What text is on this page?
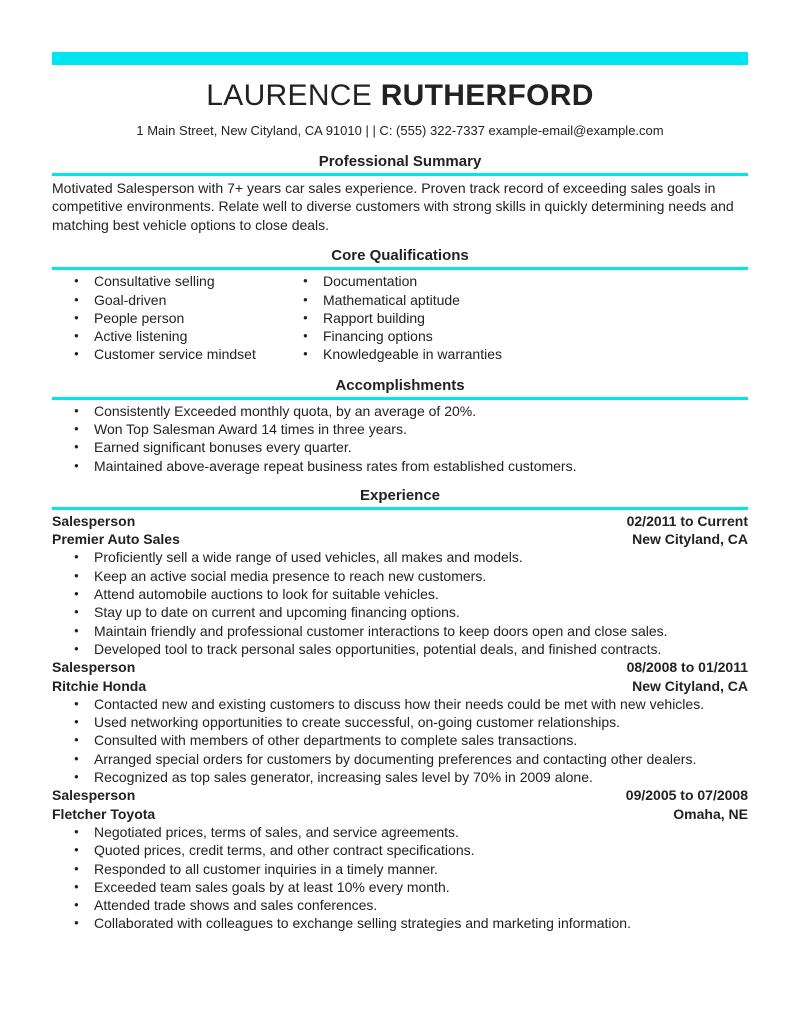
LAURENCE RUTHERFORD
1 Main Street, New Cityland, CA 91010 | | C: (555) 322-7337 example-email@example.com
Professional Summary
Motivated Salesperson with 7+ years car sales experience. Proven track record of exceeding sales goals in competitive environments. Relate well to diverse customers with strong skills in quickly determining needs and matching best vehicle options to close deals.
Core Qualifications
● Consultative selling
● Goal-driven
● People person
● Active listening
● Customer service mindset
● Documentation
● Mathematical aptitude
● Rapport building
● Financing options
● Knowledgeable in warranties
Accomplishments
● Consistently Exceeded monthly quota, by an average of 20%.
● Won Top Salesman Award 14 times in three years.
● Earned significant bonuses every quarter.
● Maintained above-average repeat business rates from established customers.
Experience
Salesperson	02/2011 to Current
Premier Auto Sales	New Cityland, CA
● Proficiently sell a wide range of used vehicles, all makes and models.
● Keep an active social media presence to reach new customers.
● Attend automobile auctions to look for suitable vehicles.
● Stay up to date on current and upcoming financing options.
● Maintain friendly and professional customer interactions to keep doors open and close sales.
● Developed tool to track personal sales opportunities, potential deals, and finished contracts.
Salesperson	08/2008 to 01/2011
Ritchie Honda	New Cityland, CA
● Contacted new and existing customers to discuss how their needs could be met with new vehicles.
● Used networking opportunities to create successful, on-going customer relationships.
● Consulted with members of other departments to complete sales transactions.
● Arranged special orders for customers by documenting preferences and contacting other dealers.
● Recognized as top sales generator, increasing sales level by 70% in 2009 alone.
Salesperson	09/2005 to 07/2008
Fletcher Toyota	Omaha, NE
● Negotiated prices, terms of sales, and service agreements.
● Quoted prices, credit terms, and other contract specifications.
● Responded to all customer inquiries in a timely manner.
● Exceeded team sales goals by at least 10% every month.
● Attended trade shows and sales conferences.
● Collaborated with colleagues to exchange selling strategies and marketing information.
